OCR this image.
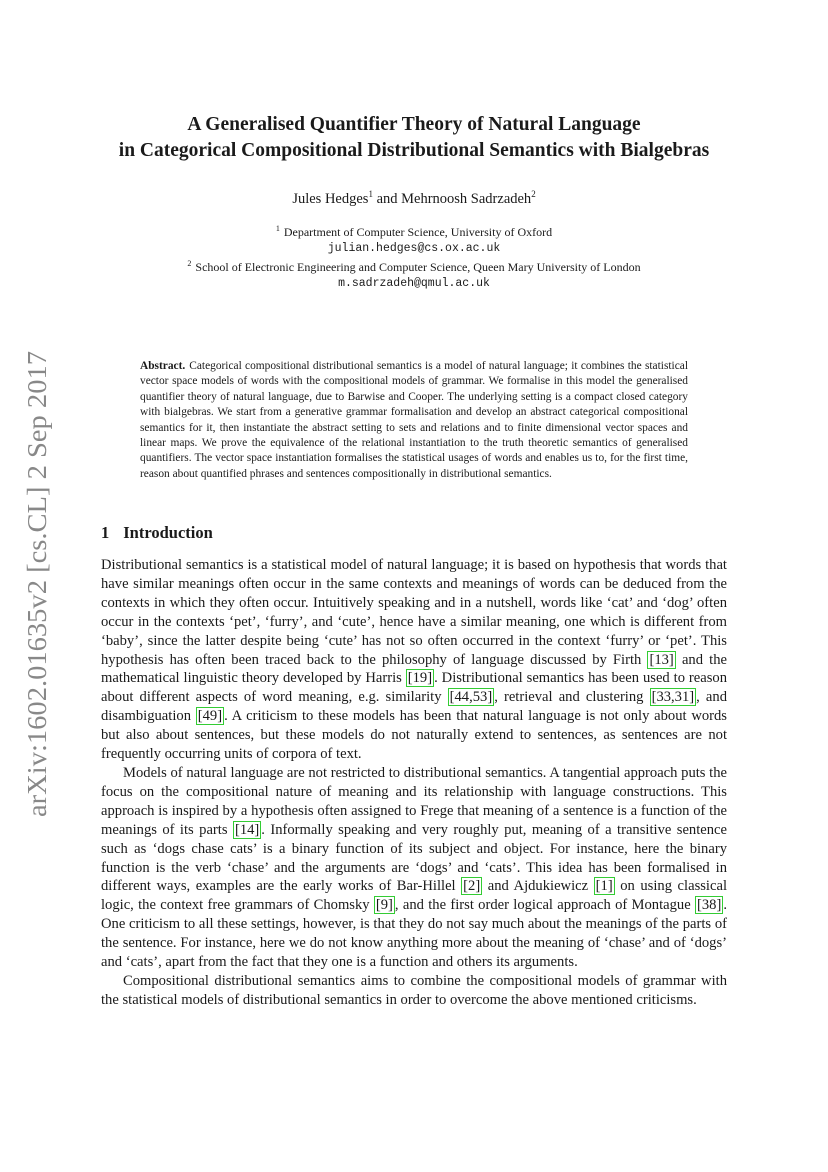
arXiv:1602.01635v2 [cs.CL] 2 Sep 2017
A Generalised Quantifier Theory of Natural Language
in Categorical Compositional Distributional Semantics with Bialgebras
Jules Hedges$^1$ and Mehrnoosh Sadrzadeh$^2$
$^1$ Department of Computer Science, University of Oxford
julian.hedges@cs.ox.ac.uk
$^2$ School of Electronic Engineering and Computer Science, Queen Mary University of London
m.sadrzadeh@qmul.ac.uk
Abstract. Categorical compositional distributional semantics is a model of natural language; it combines the statistical vector space models of words with the compositional models of grammar. We formalise in this model the generalised quantifier theory of natural language, due to Barwise and Cooper. The underlying setting is a compact closed category with bialgebras. We start from a generative grammar formalisation and develop an abstract categorical compositional semantics for it, then instantiate the abstract setting to sets and relations and to finite dimensional vector spaces and linear maps. We prove the equivalence of the relational instantiation to the truth theoretic semantics of generalised quantifiers. The vector space instantiation formalises the statistical usages of words and enables us to, for the first time, reason about quantified phrases and sentences compositionally in distributional semantics.
1 Introduction

Distributional semantics is a statistical model of natural language; it is based on hypothesis that words that have similar meanings often occur in the same contexts and meanings of words can be deduced from the contexts in which they often occur. Intuitively speaking and in a nutshell, words like ‘cat’ and ‘dog’ often occur in the contexts ‘pet’, ‘furry’, and ‘cute’, hence have a similar meaning, one which is different from ‘baby’, since the latter despite being ‘cute’ has not so often occurred in the context ‘furry’ or ‘pet’. This hypothesis has often been traced back to the philosophy of language discussed by Firth [13] and the mathematical linguistic theory developed by Harris [19] . Distributional semantics has been used to reason about different aspects of word meaning, e.g. similarity [44,53] , retrieval and clustering [33,31] , and disambiguation [49] . A criticism to these models has been that natural language is not only about words but also about sentences, but these models do not naturally extend to sentences, as sentences are not frequently occurring units of corpora of text.

Models of natural language are not restricted to distributional semantics. A tangential approach puts the focus on the compositional nature of meaning and its relationship with language constructions. This approach is inspired by a hypothesis often assigned to Frege that meaning of a sentence is a function of the meanings of its parts [14] . Informally speaking and very roughly put, meaning of a transitive sentence such as ‘dogs chase cats’ is a binary function of its subject and object. For instance, here the binary function is the verb ‘chase’ and the arguments are ‘dogs’ and ‘cats’. This idea has been formalised in different ways, examples are the early works of Bar-Hillel [2] and Ajdukiewicz [1] on using classical logic, the context free grammars of Chomsky [9] , and the first order logical approach of Montague [38] . One criticism to all these settings, however, is that they do not say much about the meanings of the parts of the sentence. For instance, here we do not know anything more about the meaning of ‘chase’ and of ‘dogs’ and ‘cats’, apart from the fact that they one is a function and others its arguments.

Compositional distributional semantics aims to combine the compositional models of grammar with the statistical models of distributional semantics in order to overcome the above mentioned criticisms.
